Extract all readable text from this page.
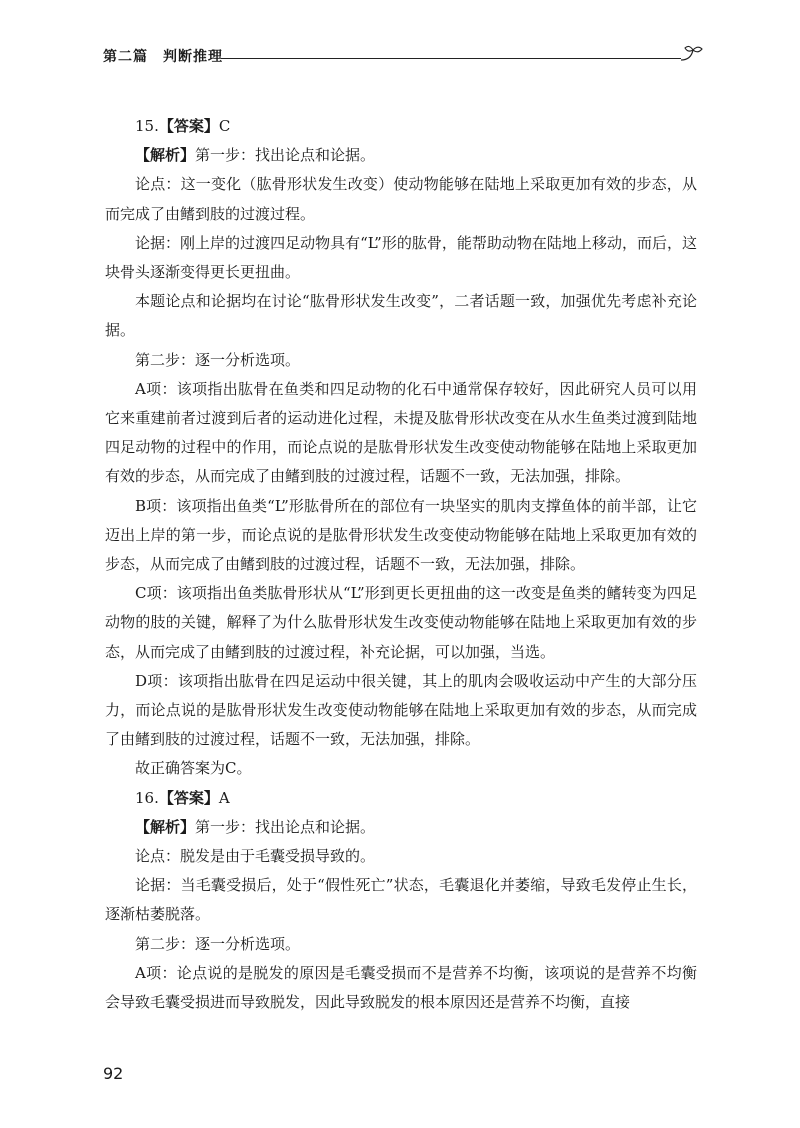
第二篇　判断推理

15.【答案】C

【解析】第一步：找出论点和论据。

论点：这一变化（肱骨形状发生改变）使动物能够在陆地上采取更加有效的步态，从而完成了由鳍到肢的过渡过程。

论据：刚上岸的过渡四足动物具有“L”形的肱骨，能帮助动物在陆地上移动，而后，这块骨头逐渐变得更长更扭曲。

本题论点和论据均在讨论“肱骨形状发生改变”，二者话题一致，加强优先考虑补充论据。

第二步：逐一分析选项。

A项：该项指出肱骨在鱼类和四足动物的化石中通常保存较好，因此研究人员可以用它来重建前者过渡到后者的运动进化过程，未提及肱骨形状改变在从水生鱼类过渡到陆地四足动物的过程中的作用，而论点说的是肱骨形状发生改变使动物能够在陆地上采取更加有效的步态，从而完成了由鳍到肢的过渡过程，话题不一致，无法加强，排除。

B项：该项指出鱼类“L”形肱骨所在的部位有一块坚实的肌肉支撑鱼体的前半部，让它迈出上岸的第一步，而论点说的是肱骨形状发生改变使动物能够在陆地上采取更加有效的步态，从而完成了由鳍到肢的过渡过程，话题不一致，无法加强，排除。

C项：该项指出鱼类肱骨形状从“L”形到更长更扭曲的这一改变是鱼类的鳍转变为四足动物的肢的关键，解释了为什么肱骨形状发生改变使动物能够在陆地上采取更加有效的步态，从而完成了由鳍到肢的过渡过程，补充论据，可以加强，当选。

D项：该项指出肱骨在四足运动中很关键，其上的肌肉会吸收运动中产生的大部分压力，而论点说的是肱骨形状发生改变使动物能够在陆地上采取更加有效的步态，从而完成了由鳍到肢的过渡过程，话题不一致，无法加强，排除。

故正确答案为C。

16.【答案】A

【解析】第一步：找出论点和论据。

论点：脱发是由于毛囊受损导致的。

论据：当毛囊受损后，处于“假性死亡”状态，毛囊退化并萎缩，导致毛发停止生长，逐渐枯萎脱落。

第二步：逐一分析选项。

A项：论点说的是脱发的原因是毛囊受损而不是营养不均衡，该项说的是营养不均衡会导致毛囊受损进而导致脱发，因此导致脱发的根本原因还是营养不均衡，直接

92
